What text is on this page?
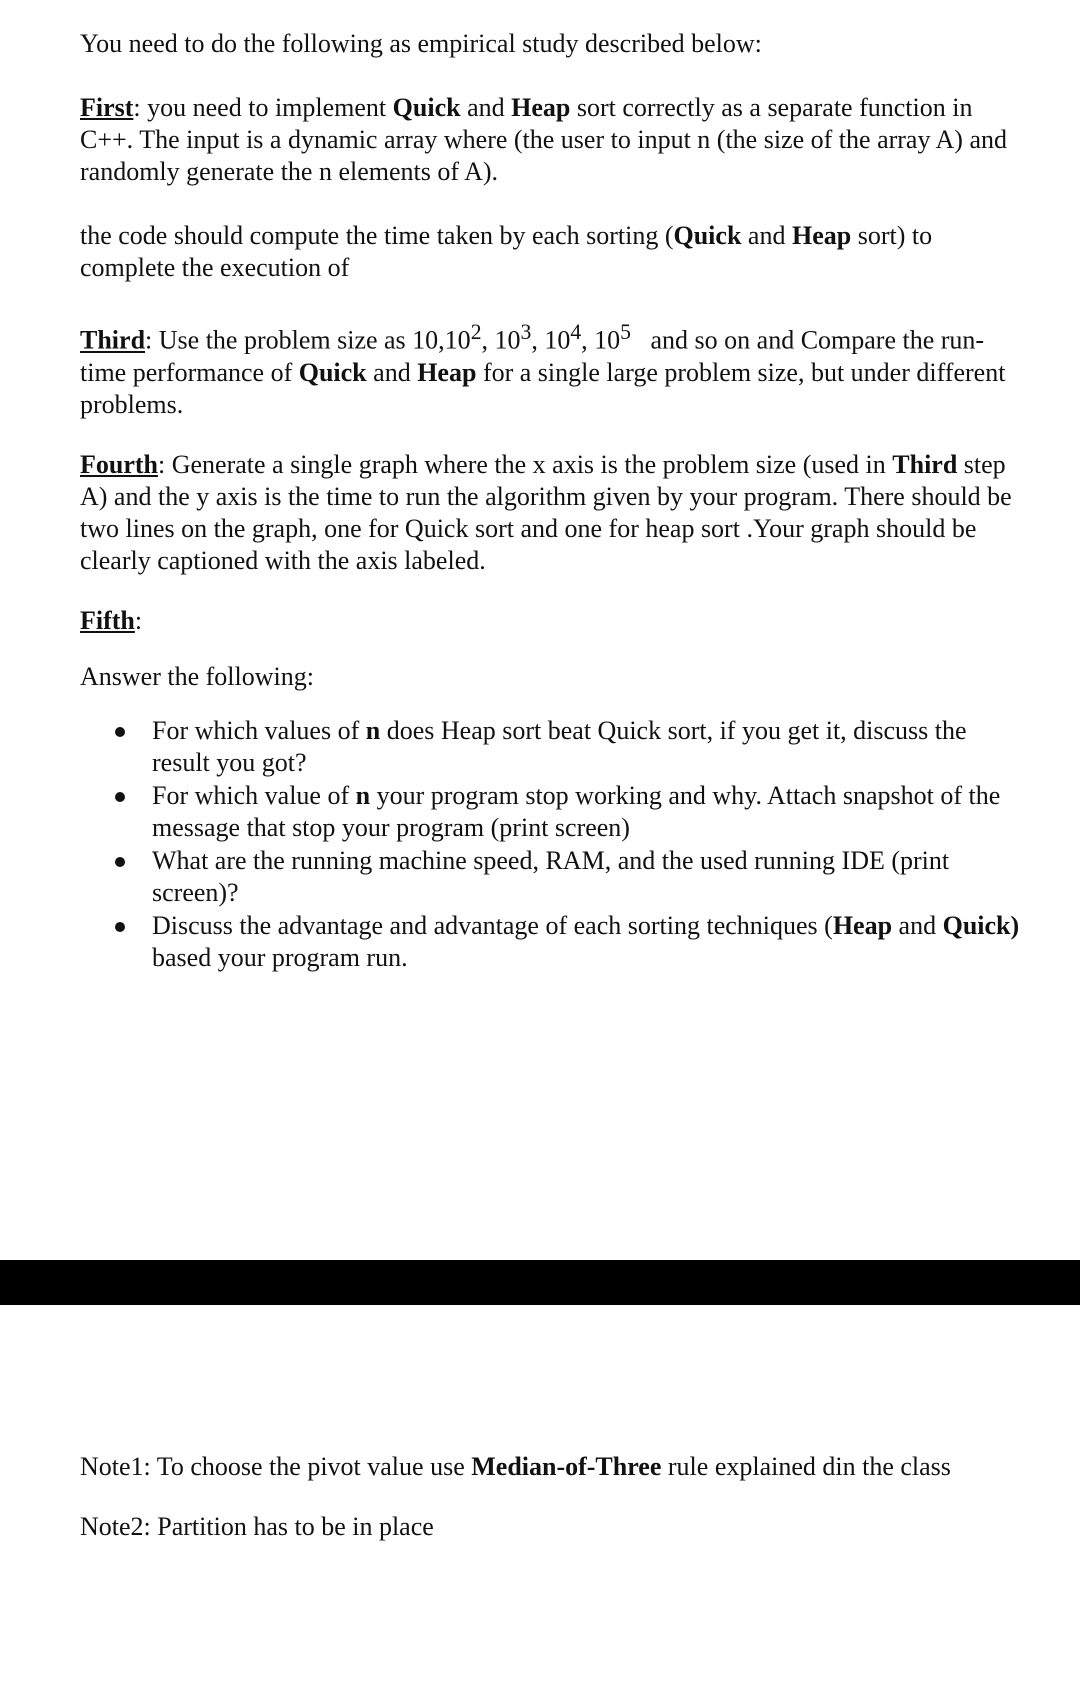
You need to do the following as empirical study described below:

First: you need to implement Quick and Heap sort correctly as a separate function in C++. The input is a dynamic array where (the user to input n (the size of the array A) and randomly generate the n elements of A).

the code should compute the time taken by each sorting (Quick and Heap sort) to complete the execution of

Third: Use the problem size as 10,10$^2$, $10^3$, $10^4$, $10^5$   and so on and Compare the run-time performance of Quick and Heap for a single large problem size, but under different problems.

Fourth: Generate a single graph where the x axis is the problem size (used in Third step A) and the y axis is the time to run the algorithm given by your program. There should be two lines on the graph, one for Quick sort and one for heap sort .Your graph should be clearly captioned with the axis labeled.

Fifth:

Answer the following:

For which values of n does Heap sort beat Quick sort, if you get it, discuss the result you got?
For which value of n your program stop working and why. Attach snapshot of the message that stop your program (print screen)
What are the running machine speed, RAM, and the used running IDE (print screen)?
Discuss the advantage and advantage of each sorting techniques (Heap and Quick) based your program run.

Note1: To choose the pivot value use Median-of-Three rule explained din the class

Note2: Partition has to be in place
